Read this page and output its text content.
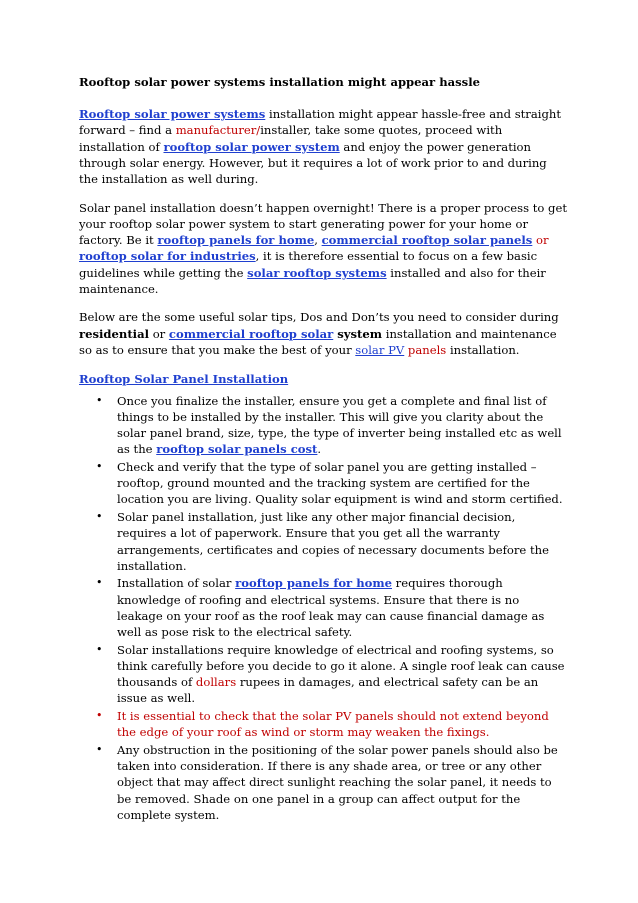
Rooftop solar power systems installation might appear hassle

Rooftop solar power systems installation might appear hassle-free and straight forward – find a manufacturer/installer, take some quotes, proceed with installation of rooftop solar power system and enjoy the power generation through solar energy. However, but it requires a lot of work prior to and during the installation as well during.

Solar panel installation doesn’t happen overnight! There is a proper process to get your rooftop solar power system to start generating power for your home or factory. Be it rooftop panels for home, commercial rooftop solar panels or rooftop solar for industries, it is therefore essential to focus on a few basic guidelines while getting the solar rooftop systems installed and also for their maintenance.

Below are the some useful solar tips, Dos and Don’ts you need to consider during residential or commercial rooftop solar system installation and maintenance so as to ensure that you make the best of your solar PV panels installation.

Rooftop Solar Panel Installation
• Once you finalize the installer, ensure you get a complete and final list of things to be installed by the installer. This will give you clarity about the solar panel brand, size, type, the type of inverter being installed etc as well as the rooftop solar panels cost.
• Check and verify that the type of solar panel you are getting installed – rooftop, ground mounted and the tracking system are certified for the location you are living. Quality solar equipment is wind and storm certified.
• Solar panel installation, just like any other major financial decision, requires a lot of paperwork. Ensure that you get all the warranty arrangements, certificates and copies of necessary documents before the installation.
• Installation of solar rooftop panels for home requires thorough knowledge of roofing and electrical systems. Ensure that there is no leakage on your roof as the roof leak may can cause financial damage as well as pose risk to the electrical safety.
• Solar installations require knowledge of electrical and roofing systems, so think carefully before you decide to go it alone. A single roof leak can cause thousands of dollars rupees in damages, and electrical safety can be an issue as well.
• It is essential to check that the solar PV panels should not extend beyond the edge of your roof as wind or storm may weaken the fixings.
• Any obstruction in the positioning of the solar power panels should also be taken into consideration. If there is any shade area, or tree or any other object that may affect direct sunlight reaching the solar panel, it needs to be removed. Shade on one panel in a group can affect output for the complete system.
